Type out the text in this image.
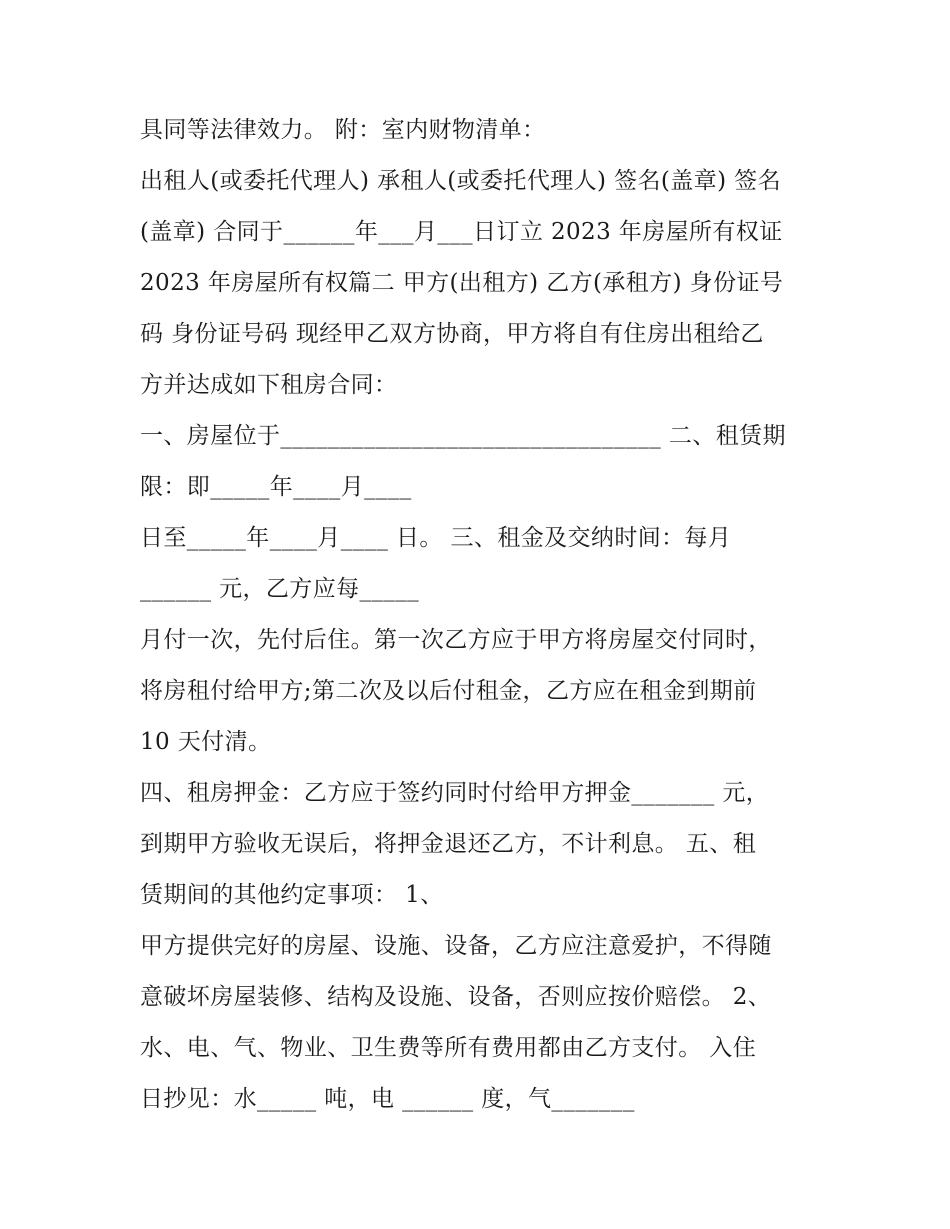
具同等法律效力。 附：室内财物清单：
出租人(或委托代理人) 承租人(或委托代理人) 签名(盖章) 签名
(盖章) 合同于______年___月___日订立 2023 年房屋所有权证
2023 年房屋所有权篇二 甲方(出租方) 乙方(承租方) 身份证号
码 身份证号码 现经甲乙双方协商，甲方将自有住房出租给乙
方并达成如下租房合同：
一、房屋位于________________________________ 二、租赁期
限：即_____年____月____
日至_____年____月____ 日。 三、租金及交纳时间：每月
______ 元，乙方应每_____
月付一次，先付后住。第一次乙方应于甲方将房屋交付同时，
将房租付给甲方;第二次及以后付租金，乙方应在租金到期前
10 天付清。
四、租房押金：乙方应于签约同时付给甲方押金_______ 元，
到期甲方验收无误后，将押金退还乙方，不计利息。 五、租
赁期间的其他约定事项： 1、
甲方提供完好的房屋、设施、设备，乙方应注意爱护，不得随
意破坏房屋装修、结构及设施、设备，否则应按价赔偿。 2、
水、电、气、物业、卫生费等所有费用都由乙方支付。 入住
日抄见：水_____ 吨，电 ______ 度，气_______
